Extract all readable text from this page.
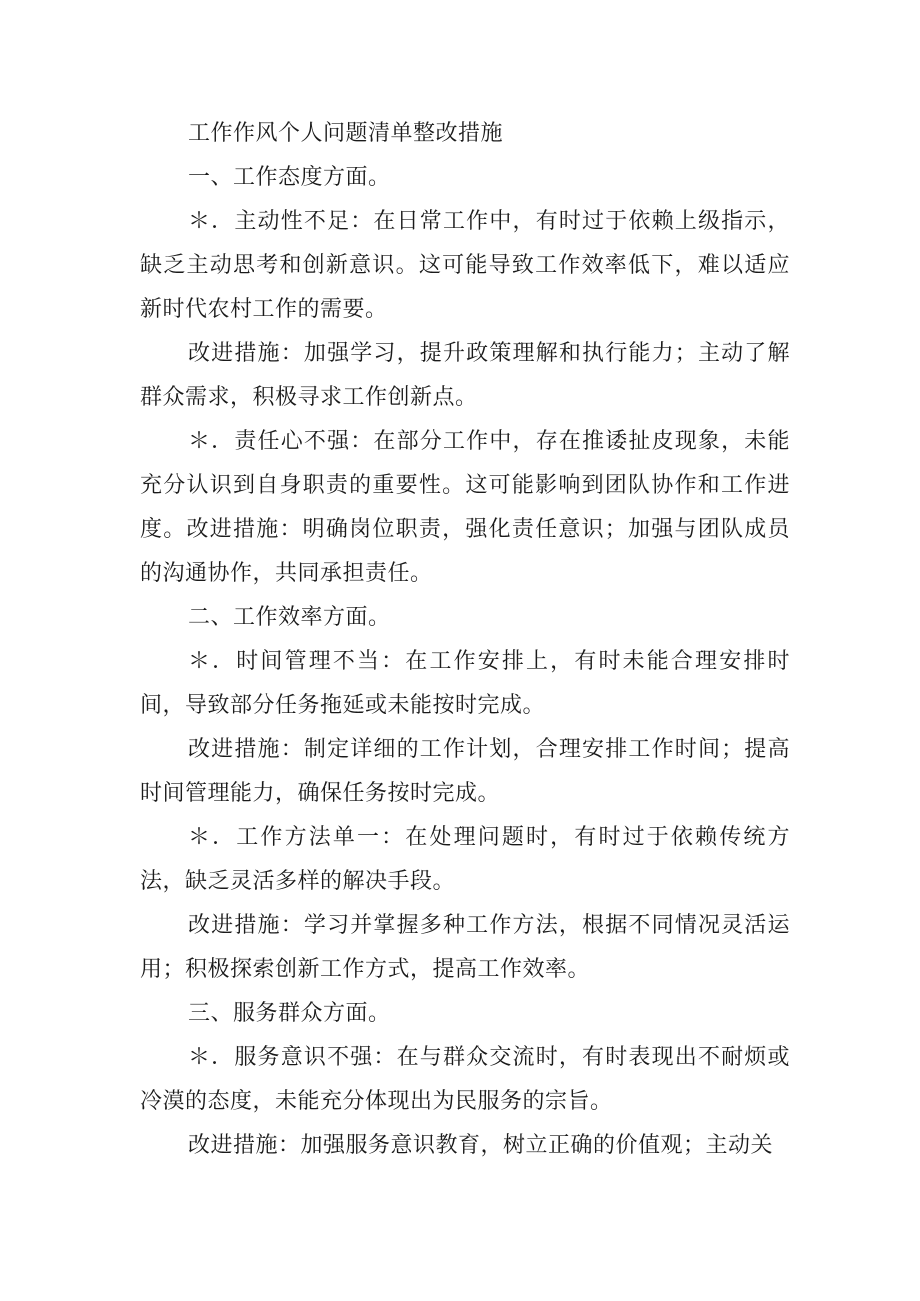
工作作风个人问题清单整改措施

一、工作态度方面。

＊．主动性不足：在日常工作中，有时过于依赖上级指示，缺乏主动思考和创新意识。这可能导致工作效率低下，难以适应新时代农村工作的需要。

改进措施：加强学习，提升政策理解和执行能力；主动了解群众需求，积极寻求工作创新点。

＊．责任心不强：在部分工作中，存在推诿扯皮现象，未能充分认识到自身职责的重要性。这可能影响到团队协作和工作进度。改进措施：明确岗位职责，强化责任意识；加强与团队成员的沟通协作，共同承担责任。

二、工作效率方面。

＊．时间管理不当：在工作安排上，有时未能合理安排时间，导致部分任务拖延或未能按时完成。

改进措施：制定详细的工作计划，合理安排工作时间；提高时间管理能力，确保任务按时完成。

＊．工作方法单一：在处理问题时，有时过于依赖传统方法，缺乏灵活多样的解决手段。

改进措施：学习并掌握多种工作方法，根据不同情况灵活运用；积极探索创新工作方式，提高工作效率。

三、服务群众方面。

＊．服务意识不强：在与群众交流时，有时表现出不耐烦或冷漠的态度，未能充分体现出为民服务的宗旨。

改进措施：加强服务意识教育，树立正确的价值观；主动关
